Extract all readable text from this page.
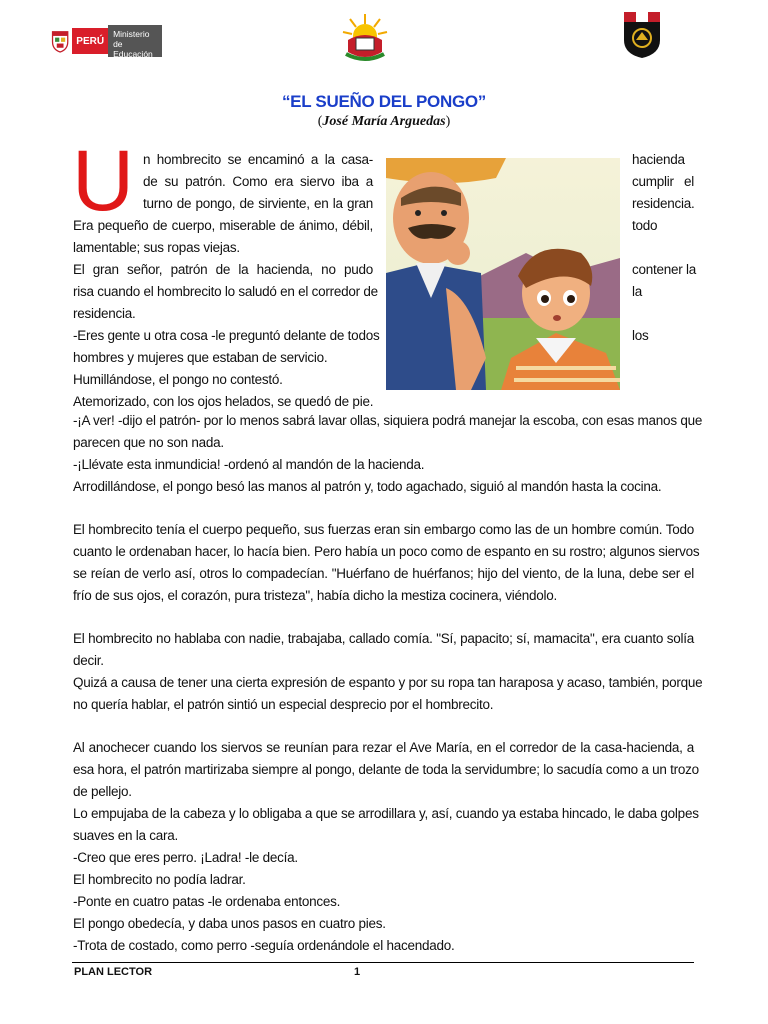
PERÚ
Ministerio
de Educación
“EL SUEÑO DEL PONGO”
(José María Arguedas)
U n hombrecito se encaminó a la casa-
de su patrón. Como era siervo iba a
turno de pongo, de sirviente, en la gran
Era pequeño de cuerpo, miserable de ánimo, débil,
lamentable; sus ropas viejas.
El gran señor, patrón de la hacienda, no pudo
risa cuando el hombrecito lo saludó en el corredor de
residencia.
-Eres gente u otra cosa -le preguntó delante de todos
hombres y mujeres que estaban de servicio.
Humillándose, el pongo no contestó.
Atemorizado, con los ojos helados, se quedó de pie.
hacienda
cumplir el
residencia.
todo
contener la
la
los
-¡A ver! -dijo el patrón- por lo menos sabrá lavar ollas, siquiera podrá manejar la escoba, con esas manos que
parecen que no son nada.
-¡Llévate esta inmundicia! -ordenó al mandón de la hacienda.
Arrodillándose, el pongo besó las manos al patrón y, todo agachado, siguió al mandón hasta la cocina.
El hombrecito tenía el cuerpo pequeño, sus fuerzas eran sin embargo como las de un hombre común. Todo
cuanto le ordenaban hacer, lo hacía bien. Pero había un poco como de espanto en su rostro; algunos siervos
se reían de verlo así, otros lo compadecían. "Huérfano de huérfanos; hijo del viento, de la luna, debe ser el
frío de sus ojos, el corazón, pura tristeza", había dicho la mestiza cocinera, viéndolo.
El hombrecito no hablaba con nadie, trabajaba, callado comía. "Sí, papacito; sí, mamacita", era cuanto solía
decir.
Quizá a causa de tener una cierta expresión de espanto y por su ropa tan haraposa y acaso, también, porque
no quería hablar, el patrón sintió un especial desprecio por el hombrecito.
Al anochecer cuando los siervos se reunían para rezar el Ave María, en el corredor de la casa-hacienda, a
esa hora, el patrón martirizaba siempre al pongo, delante de toda la servidumbre; lo sacudía como a un trozo
de pellejo.
Lo empujaba de la cabeza y lo obligaba a que se arrodillara y, así, cuando ya estaba hincado, le daba golpes
suaves en la cara.
-Creo que eres perro. ¡Ladra! -le decía.
El hombrecito no podía ladrar.
-Ponte en cuatro patas -le ordenaba entonces.
El pongo obedecía, y daba unos pasos en cuatro pies.
-Trota de costado, como perro -seguía ordenándole el hacendado.
PLAN LECTOR	1
